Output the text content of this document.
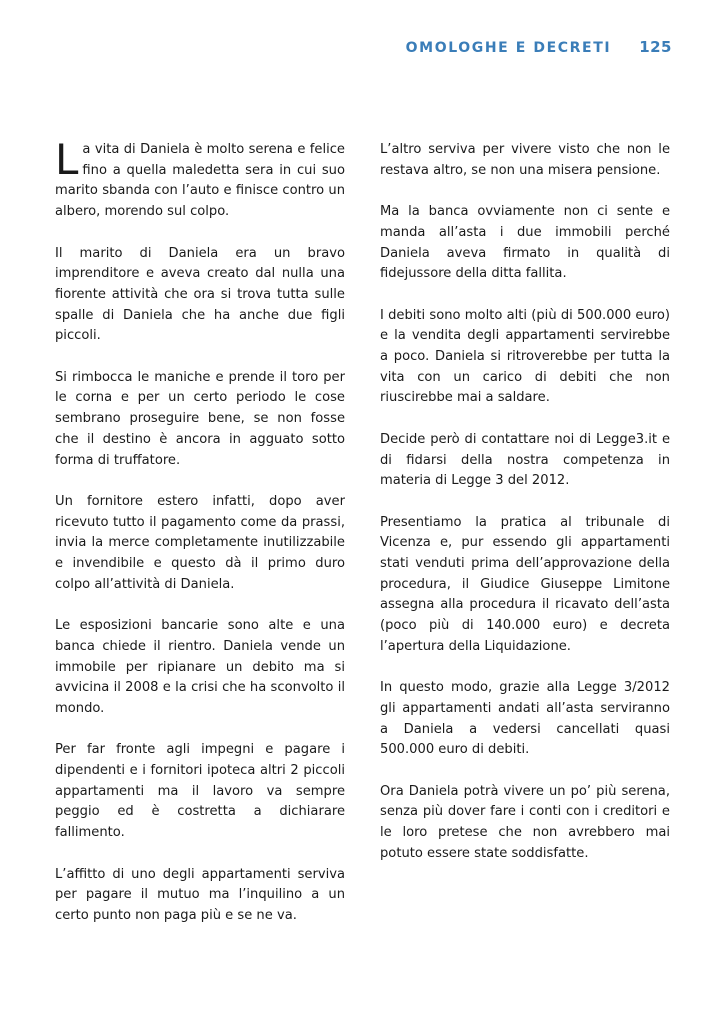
OMOLOGHE E DECRETI 125

La vita di Daniela è molto serena e felice fino a quella maledetta sera in cui suo marito sbanda con l’auto e finisce contro un albero, morendo sul colpo.

Il marito di Daniela era un bravo imprenditore e aveva creato dal nulla una fiorente attività che ora si trova tutta sulle spalle di Daniela che ha anche due figli piccoli.

Si rimbocca le maniche e prende il toro per le corna e per un certo periodo le cose sembrano proseguire bene, se non fosse che il destino è ancora in agguato sotto forma di truffatore.

Un fornitore estero infatti, dopo aver ricevuto tutto il pagamento come da prassi, invia la merce completamente inutilizzabile e invendibile e questo dà il primo duro colpo all’attività di Daniela.

Le esposizioni bancarie sono alte e una banca chiede il rientro. Daniela vende un immobile per ripianare un debito ma si avvicina il 2008 e la crisi che ha sconvolto il mondo.

Per far fronte agli impegni e pagare i dipendenti e i fornitori ipoteca altri 2 piccoli appartamenti ma il lavoro va sempre peggio ed è costretta a dichiarare fallimento.

L’affitto di uno degli appartamenti serviva per pagare il mutuo ma l’inquilino a un certo punto non paga più e se ne va.

L’altro serviva per vivere visto che non le restava altro, se non una misera pensione.

Ma la banca ovviamente non ci sente e manda all’asta i due immobili perché Daniela aveva firmato in qualità di fidejussore della ditta fallita.

I debiti sono molto alti (più di 500.000 euro) e la vendita degli appartamenti servirebbe a poco. Daniela si ritroverebbe per tutta la vita con un carico di debiti che non riuscirebbe mai a saldare.

Decide però di contattare noi di Legge3.it e di fidarsi della nostra competenza in materia di Legge 3 del 2012.

Presentiamo la pratica al tribunale di Vicenza e, pur essendo gli appartamenti stati venduti prima dell’approvazione della procedura, il Giudice Giuseppe Limitone assegna alla procedura il ricavato dell’asta (poco più di 140.000 euro) e decreta l’apertura della Liquidazione.

In questo modo, grazie alla Legge 3/2012 gli appartamenti andati all’asta serviranno a Daniela a vedersi cancellati quasi 500.000 euro di debiti.

Ora Daniela potrà vivere un po’ più serena, senza più dover fare i conti con i creditori e le loro pretese che non avrebbero mai potuto essere state soddisfatte.
